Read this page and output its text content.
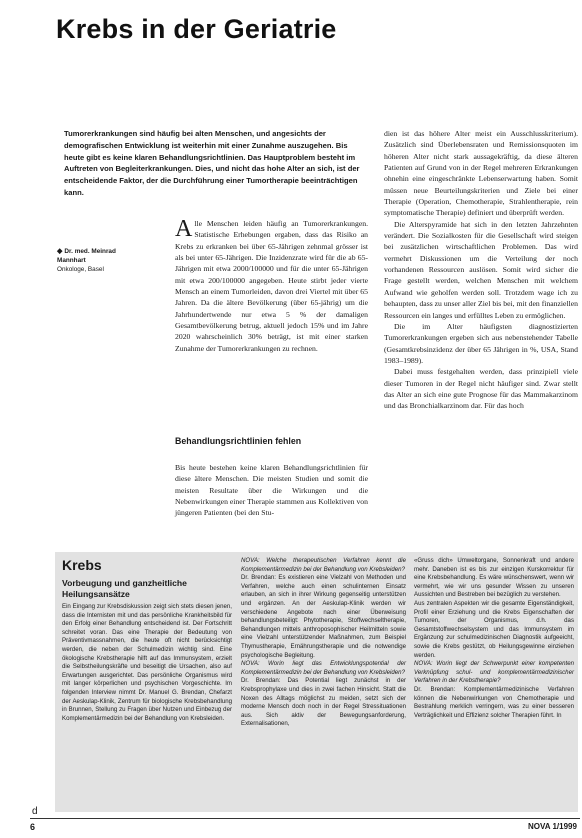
Krebs in der Geriatrie
Tumorerkrankungen sind häufig bei alten Menschen, und angesichts der demografischen Entwicklung ist weiterhin mit einer Zunahme auszugehen. Bis heute gibt es keine klaren Behandlungsrichtlinien. Das Hauptproblem besteht im Auftreten von Begleiterkrankungen. Dies, und nicht das hohe Alter an sich, ist der entscheidende Faktor, der die Durchführung einer Tumortherapie beeinträchtigen kann.
◆ Dr. med. Meinrad Mannhart
Onkologe, Basel
Alle Menschen leiden häufig an Tumorerkrankungen. Statistische Erhebungen ergaben, dass das Risiko an Krebs zu erkranken bei über 65-Jährigen zehnmal grösser ist als bei unter 65-Jährigen. Die Inzidenzrate wird für die ab 65-Jährigen mit etwa 2000/100000 und für die unter 65-Jährigen mit etwa 200/100000 angegeben. Heute stirbt jeder vierte Mensch an einem Tumorleiden, davon drei Viertel mit über 65 Jahren. Da die ältere Bevölkerung (über 65-jährig) um die Jahrhundertwende nur etwa 5 % der damaligen Gesamtbevölkerung betrug, aktuell jedoch 15% und im Jahre 2020 wahrscheinlich 30% beträgt, ist mit einer starken Zunahme der Tumorerkrankungen zu rechnen.
Behandlungsrichtlinien fehlen
Bis heute bestehen keine klaren Behandlungsrichtlinien für diese ältere Menschen. Die meisten Studien und somit die meisten Resultate über die Wirkungen und die Nebenwirkungen einer Therapie stammen aus Kollektiven von jüngeren Patienten (bei den Stu-

dien ist das höhere Alter meist ein Ausschlusskriterium). Zusätzlich sind Überlebensraten und Remissionsquoten im höheren Alter nicht stark aussagekräftig, da diese älteren Patienten auf Grund von in der Regel mehreren Erkrankungen ohnehin eine eingeschränkte Lebenserwartung haben. Somit müssen neue Beurteilungskriterien und Ziele bei einer Therapie (Operation, Chemotherapie, Strahlentherapie, rein symptomatische Therapie) definiert und überprüft werden.

Die Alterspyramide hat sich in den letzten Jahrzehnten verändert. Die Sozialkosten für die Gesellschaft wird steigen bei zusätzlichen wirtschaftlichen Problemen. Das wird vermehrt Diskussionen um die Verteilung der noch vorhandenen Ressourcen auslösen. Somit wird sicher die Frage gestellt werden, welchen Menschen mit welchem Aufwand wie geholfen werden soll. Trotzdem wage ich zu behaupten, dass zu unser aller Ziel bis bei, mit den finanziellen Ressourcen ein langes und erfülltes Leben zu ermöglichen.

Die im Alter häufigsten diagnostizierten Tumorerkrankungen ergeben sich aus nebenstehender Tabelle (Gesamtkrebsinzidenz der über 65 Jährigen in %, USA, Stand 1983–1989).

Dabei muss festgehalten werden, dass prinzipiell viele dieser Tumoren in der Regel nicht häufiger sind. Zwar stellt das Alter an sich eine gute Prognose für das Mammakarzinom und das Bronchialkarzinom dar. Für das hoch

Krebs
Vorbeugung und ganzheitliche Heilungsansätze
Ein Eingang zur Krebsdiskussion zeigt sich stets diesen jenen, dass die Internisten mit und das persönliche Krankheitsbild für den Erfolg einer Behandlung entscheidend ist. Der Fortschritt schreitet voran. Das eine Therapie der Bedeutung von Präventivmassnahmen, die heute oft nicht berücksichtigt werden, die neben der Schulmedizin wichtig sind. Eine ökologische Krebstherapie hilft auf das Immunsystem, erzielt die Selbstheilungskräfte und beseitigt die Ursachen, also auf Erwartungen ausgerichtet. Das persönliche Organismus wird mit langer körperlichen und psychischen Vorgeschichte. Im folgenden Interview nimmt Dr. Manuel G. Brendan, Chefarzt der Aeskulap-Klinik, Zentrum für biologische Krebsbehandlung in Brunnen, Stellung zu Fragen über Nutzen und Einbezug der Komplementärmedizin bei der Behandlung von Krebsleiden.

NOVA: Welche therapeutischen Verfahren kennt die Komplementärmedizin bei der Behandlung von Krebsleiden?

Dr. Brendan: Es existieren eine Vielzahl von Methoden und Verfahren, welche auch einen schulinternen Einsatz erlauben, an sich in ihrer Wirkung gegenseitig unterstützen und ergänzen. An der Aeskulap-Klinik werden wir verschiedene Angebote nach einer Überweisung behandlungsbeteiligt: Phytotherapie, Stoffwechseltherapie, Behandlungen mittels anthroposophischer Heilmitteln sowie eine Vielzahl unterstützender Maßnahmen, zum Beispiel Thymustherapie, Ernährungstherapie und die notwendige psychologische Begleitung.

NOVA: Worin liegt das Entwicklungspotential der Komplementärmedizin bei der Behandlung von Krebsleiden?

Dr. Brendan: Das Potential liegt zunächst in der Krebsprophylaxe und dies in zwei fachen Hinsicht. Statt die Noxen des Alltags möglichst zu meiden, setzt sich der moderne Mensch doch noch in der Regel Stressituationen aus. Sich aktiv der Bewegungsanforderung, Externalisationen,

«Gruss dich» Umweltorgane, Sonnenkraft und andere mehr. Daneben ist es bis zur einzigen Kurskorrektur für eine Krebsbehandlung. Es wäre wünschenswert, wenn wir vermehrt, wie wir uns gesunder Wissen zu unseren Aussichten und Bestreben bei bezüglich zu verstehen.

Aus zentralen Aspekten wir die gesamte Eigenständigkeit, Profil einer Erziehung und die Krebs Eigenschaften der Tumoren, der Organismus, d.h. das Gesamtstoffwechselsystem und das Immunsystem im Ergänzung zur schulmedizinischen Diagnostik aufgeeicht, sowie die Krebs gestützt, ob Heilungsgewinne einziehen werden.

NOVA: Worin liegt der Schwerpunkt einer kompetenten Verknüpfung schul- und komplementärmedizinischer Verfahren in der Krebstherapie?

Dr. Brendan: Komplementärmedizinische Verfahren können die Nebenwirkungen von Chemotherapie und Bestrahlung merklich verringern, was zu einer besseren Verträglichkeit und Effizienz solcher Therapien führt. In

d
6	NOVA 1/1999
